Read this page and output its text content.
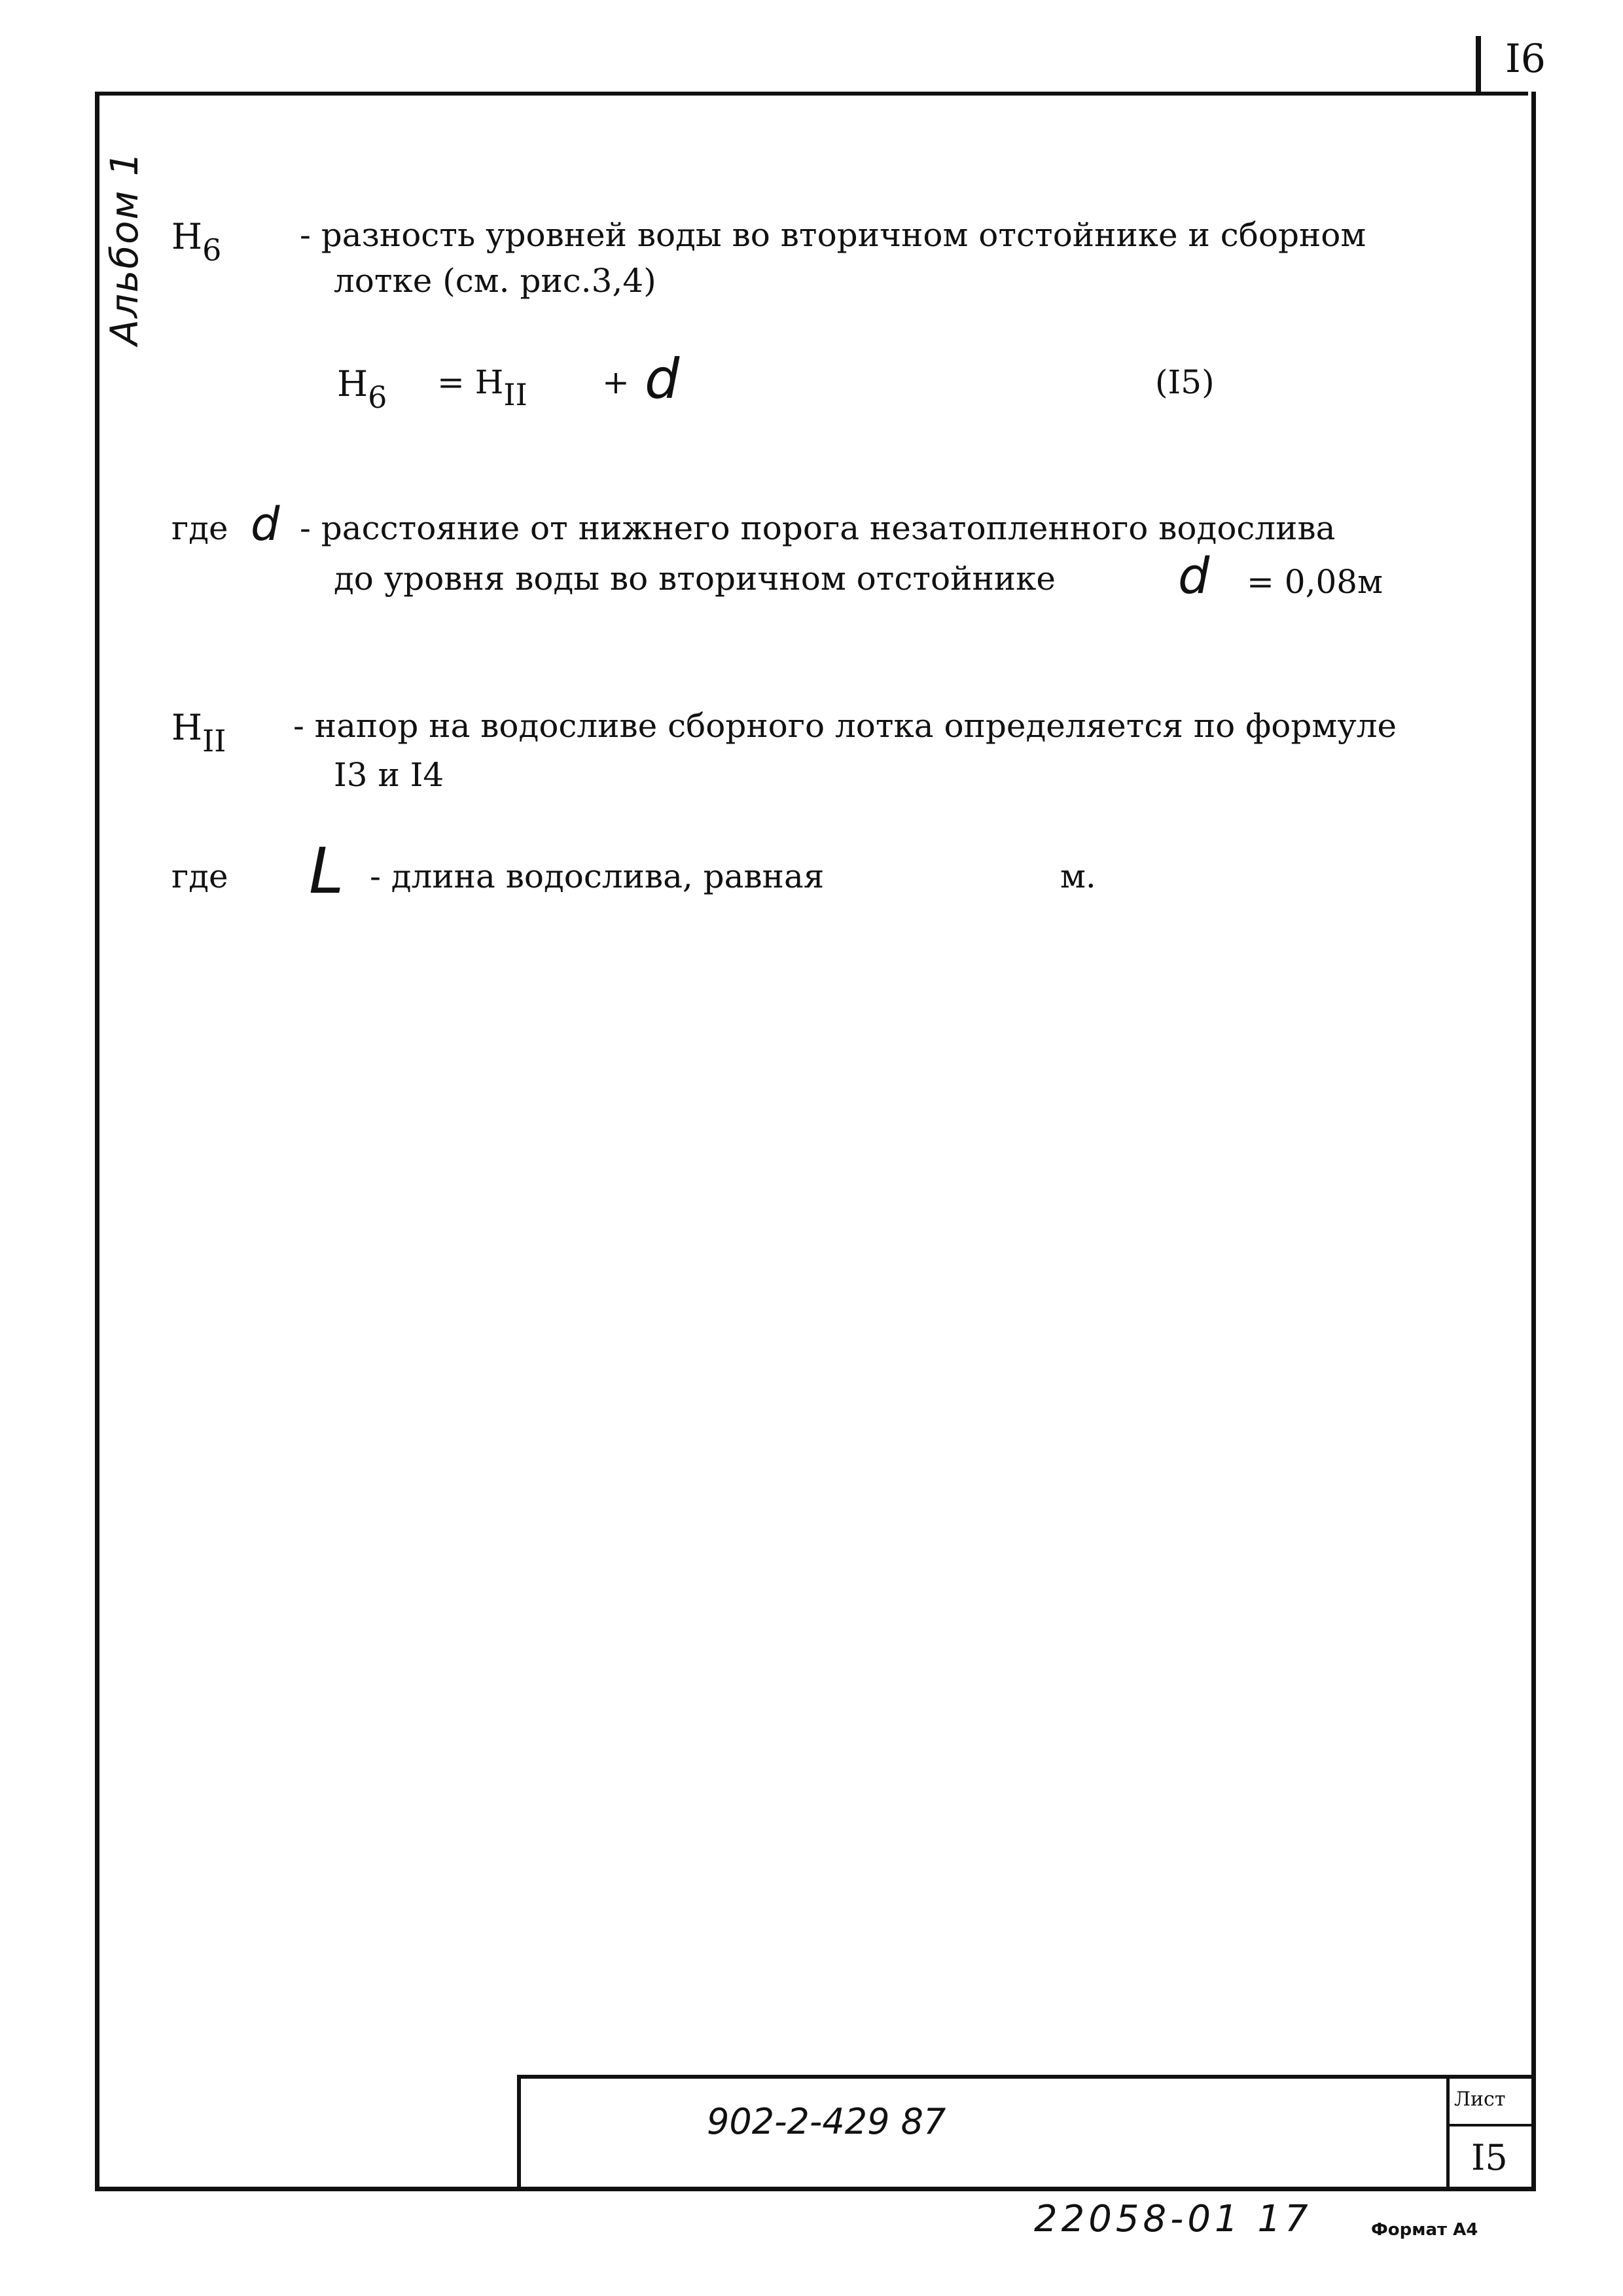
I6
Альбом 1 H6 - разность уровней воды во вторичном отстойнике и сборном
лотке (см. рис.3,4)
H6 = HII + d	(I5)
где d - расстояние от нижнего порога незатопленного водослива
до уровня воды во вторичном отстойнике d = 0,08м
HII - напор на водосливе сборного лотка определяется по формуле
I3 и I4
где L - длина водослива, равная	м.
902-2-429 87
Лист
I5
22058-01 17	Формат А4
